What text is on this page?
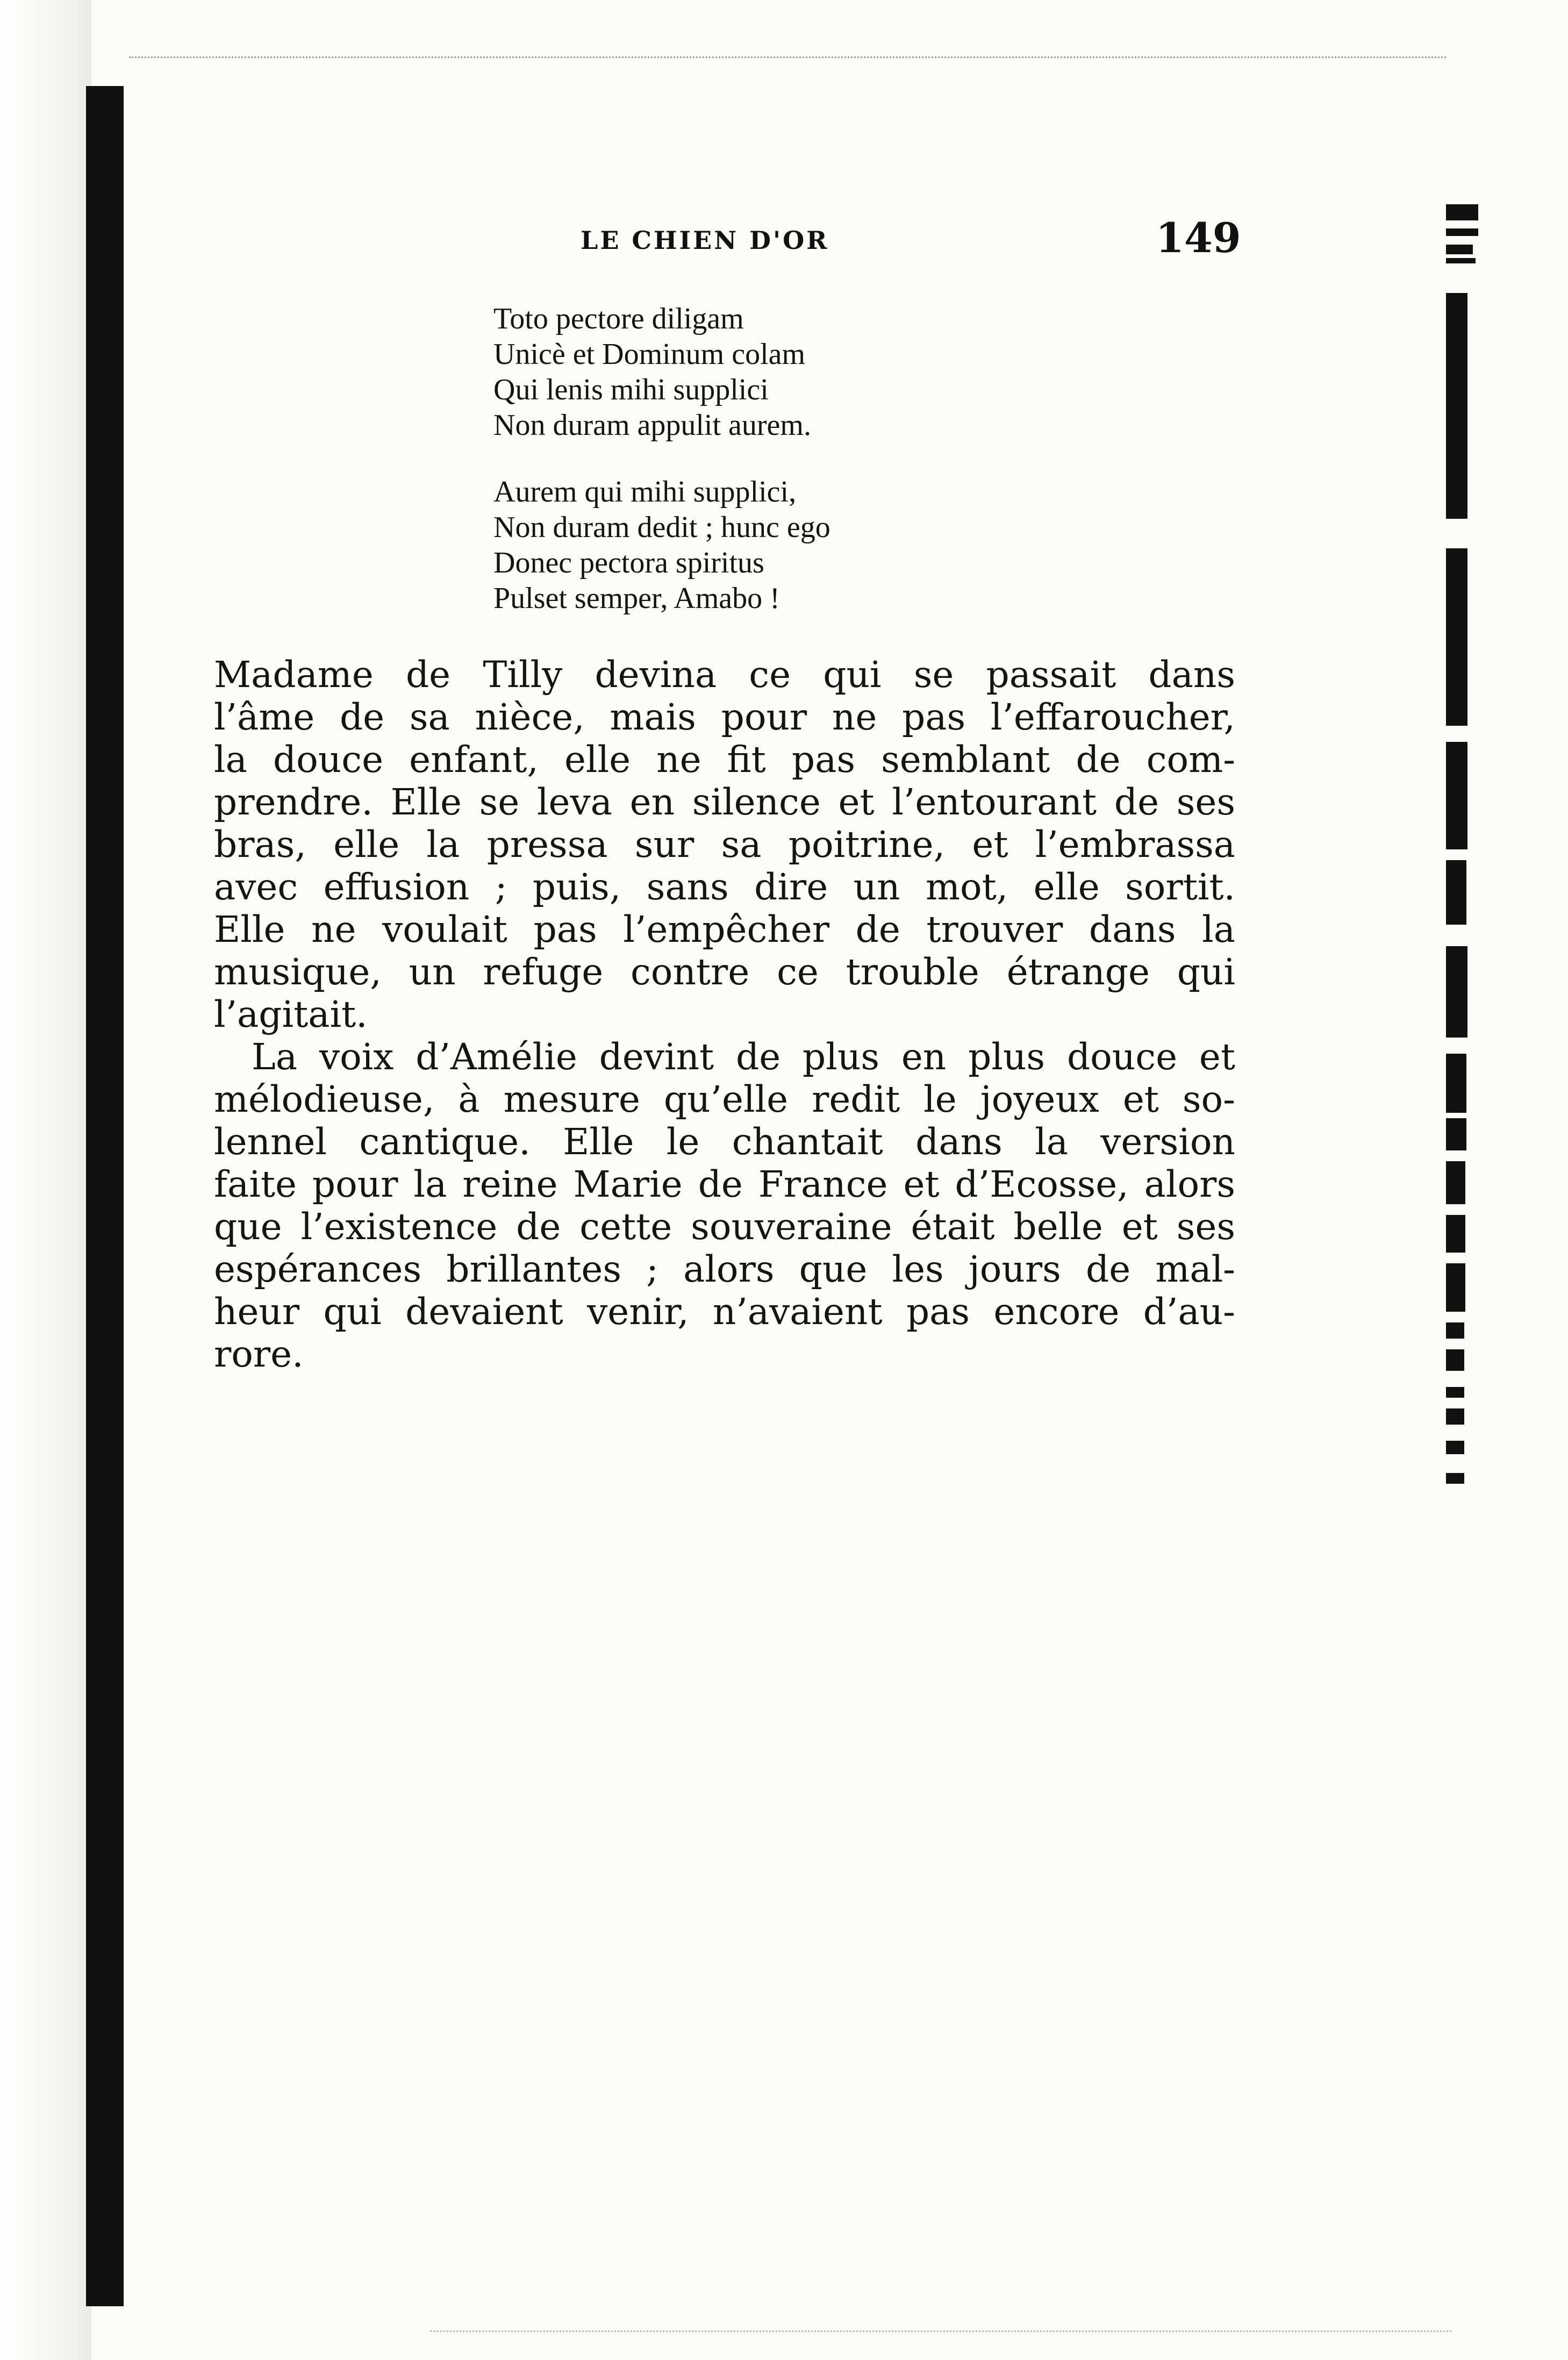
LE CHIEN D'OR	149
Toto pectore diligam
Unicè et Dominum colam
Qui lenis mihi supplici
Non duram appulit aurem.
Aurem qui mihi supplici,
Non duram dedit ; hunc ego
Donec pectora spiritus
Pulset semper, Amabo !
Madame de Tilly devina ce qui se passait dans
l’âme de sa nièce, mais pour ne pas l’effaroucher,
la douce enfant, elle ne fit pas semblant de com-
prendre. Elle se leva en silence et l’entourant de ses
bras, elle la pressa sur sa poitrine, et l’embrassa
avec effusion ; puis, sans dire un mot, elle sortit.
Elle ne voulait pas l’empêcher de trouver dans la
musique, un refuge contre ce trouble étrange qui
l’agitait.
La voix d’Amélie devint de plus en plus douce et
mélodieuse, à mesure qu’elle redit le joyeux et so-
lennel cantique. Elle le chantait dans la version
faite pour la reine Marie de France et d’Ecosse, alors
que l’existence de cette souveraine était belle et ses
espérances brillantes ; alors que les jours de mal-
heur qui devaient venir, n’avaient pas encore d’au-
rore.
